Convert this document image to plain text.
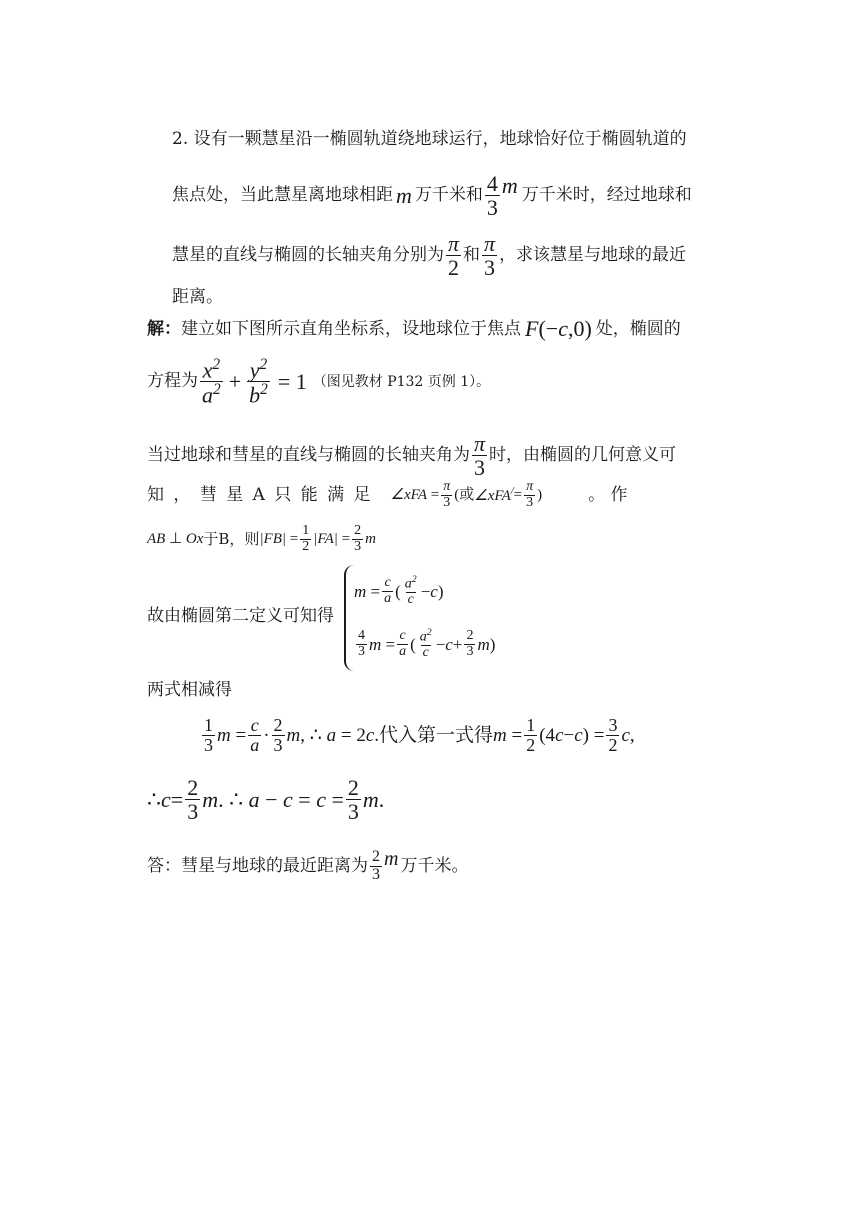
2. 设有一颗慧星沿一椭圆轨道绕地球运行，地球恰好位于椭圆轨道的
焦点处，当此慧星离地球相距 m 万千米和 $\frac{4}{3}$ m 万千米时，经过地球和
慧星的直线与椭圆的长轴夹角分别为 $\frac{\pi}{2}$ 和 $\frac{\pi}{3}$ ，求该慧星与地球的最近
距离。
解： 建立如下图所示直角坐标系，设地球位于焦点 F(−c,0) 处，椭圆的
方程为 $\frac{x^2}{a^2} + \frac{y^2}{b^2} = 1$ （图见教材 P132 页例 1）。
当过地球和彗星的直线与椭圆的长轴夹角为 $\frac{\pi}{3}$ 时，由椭圆的几何意义可
知 ， 彗 星 A 只 能 满 足 ∠xFA = $\frac{\pi}{3}$ (或 ∠xFA/ = $\frac{\pi}{3}$ )	。 作
AB ⊥ Ox 于B，则 $|FB| = \frac{1}{2} |FA| = \frac{2}{3}$ m
故由椭圆第二定义可知得
$m = \frac{c}{a}$ ( $\frac{a^2}{c} - c$ )
$\frac{4}{3}$ $m = \frac{c}{a}$ ( $\frac{a^2}{c} - c + \frac{2}{3}$ m )
两式相减得
$\frac{1}{3}$ $m = \frac{c}{a} \cdot \frac{2}{3} m$, ∴ a = 2c. 代入第一式得 $m = \frac{1}{2} (4$ c − c ) = $\frac{3}{2}$ c ,
∴ $c = \frac{2}{3} m$. ∴ $a - c = c = \frac{2}{3} m$.
答： 彗星与地球的最近距离为 $\frac{2}{3}$ m 万千米。
